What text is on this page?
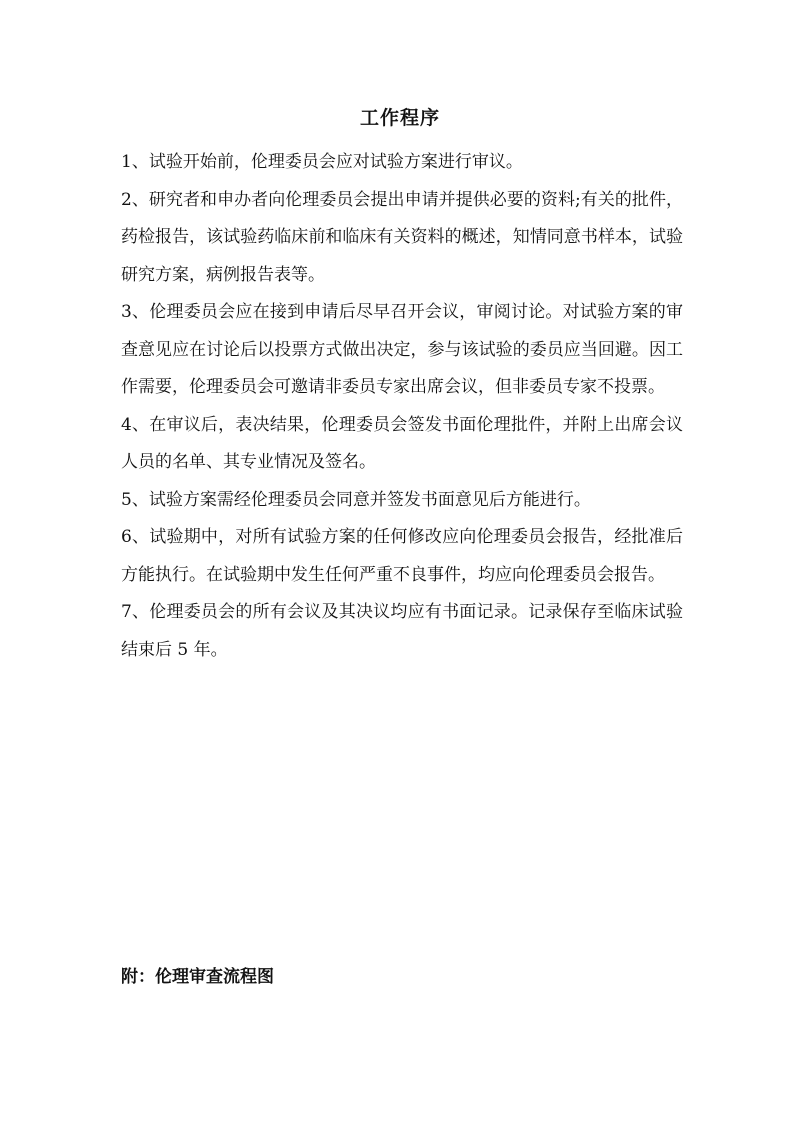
工作程序

1、试验开始前，伦理委员会应对试验方案进行审议。

2、研究者和申办者向伦理委员会提出申请并提供必要的资料;有关的批件，药检报告，该试验药临床前和临床有关资料的概述，知情同意书样本，试验研究方案，病例报告表等。

3、伦理委员会应在接到申请后尽早召开会议，审阅讨论。对试验方案的审查意见应在讨论后以投票方式做出决定，参与该试验的委员应当回避。因工作需要，伦理委员会可邀请非委员专家出席会议，但非委员专家不投票。

4、在审议后，表决结果，伦理委员会签发书面伦理批件，并附上出席会议人员的名单、其专业情况及签名。

5、试验方案需经伦理委员会同意并签发书面意见后方能进行。

6、试验期中，对所有试验方案的任何修改应向伦理委员会报告，经批准后方能执行。在试验期中发生任何严重不良事件，均应向伦理委员会报告。

7、伦理委员会的所有会议及其决议均应有书面记录。记录保存至临床试验结束后 5 年。

附：伦理审查流程图
